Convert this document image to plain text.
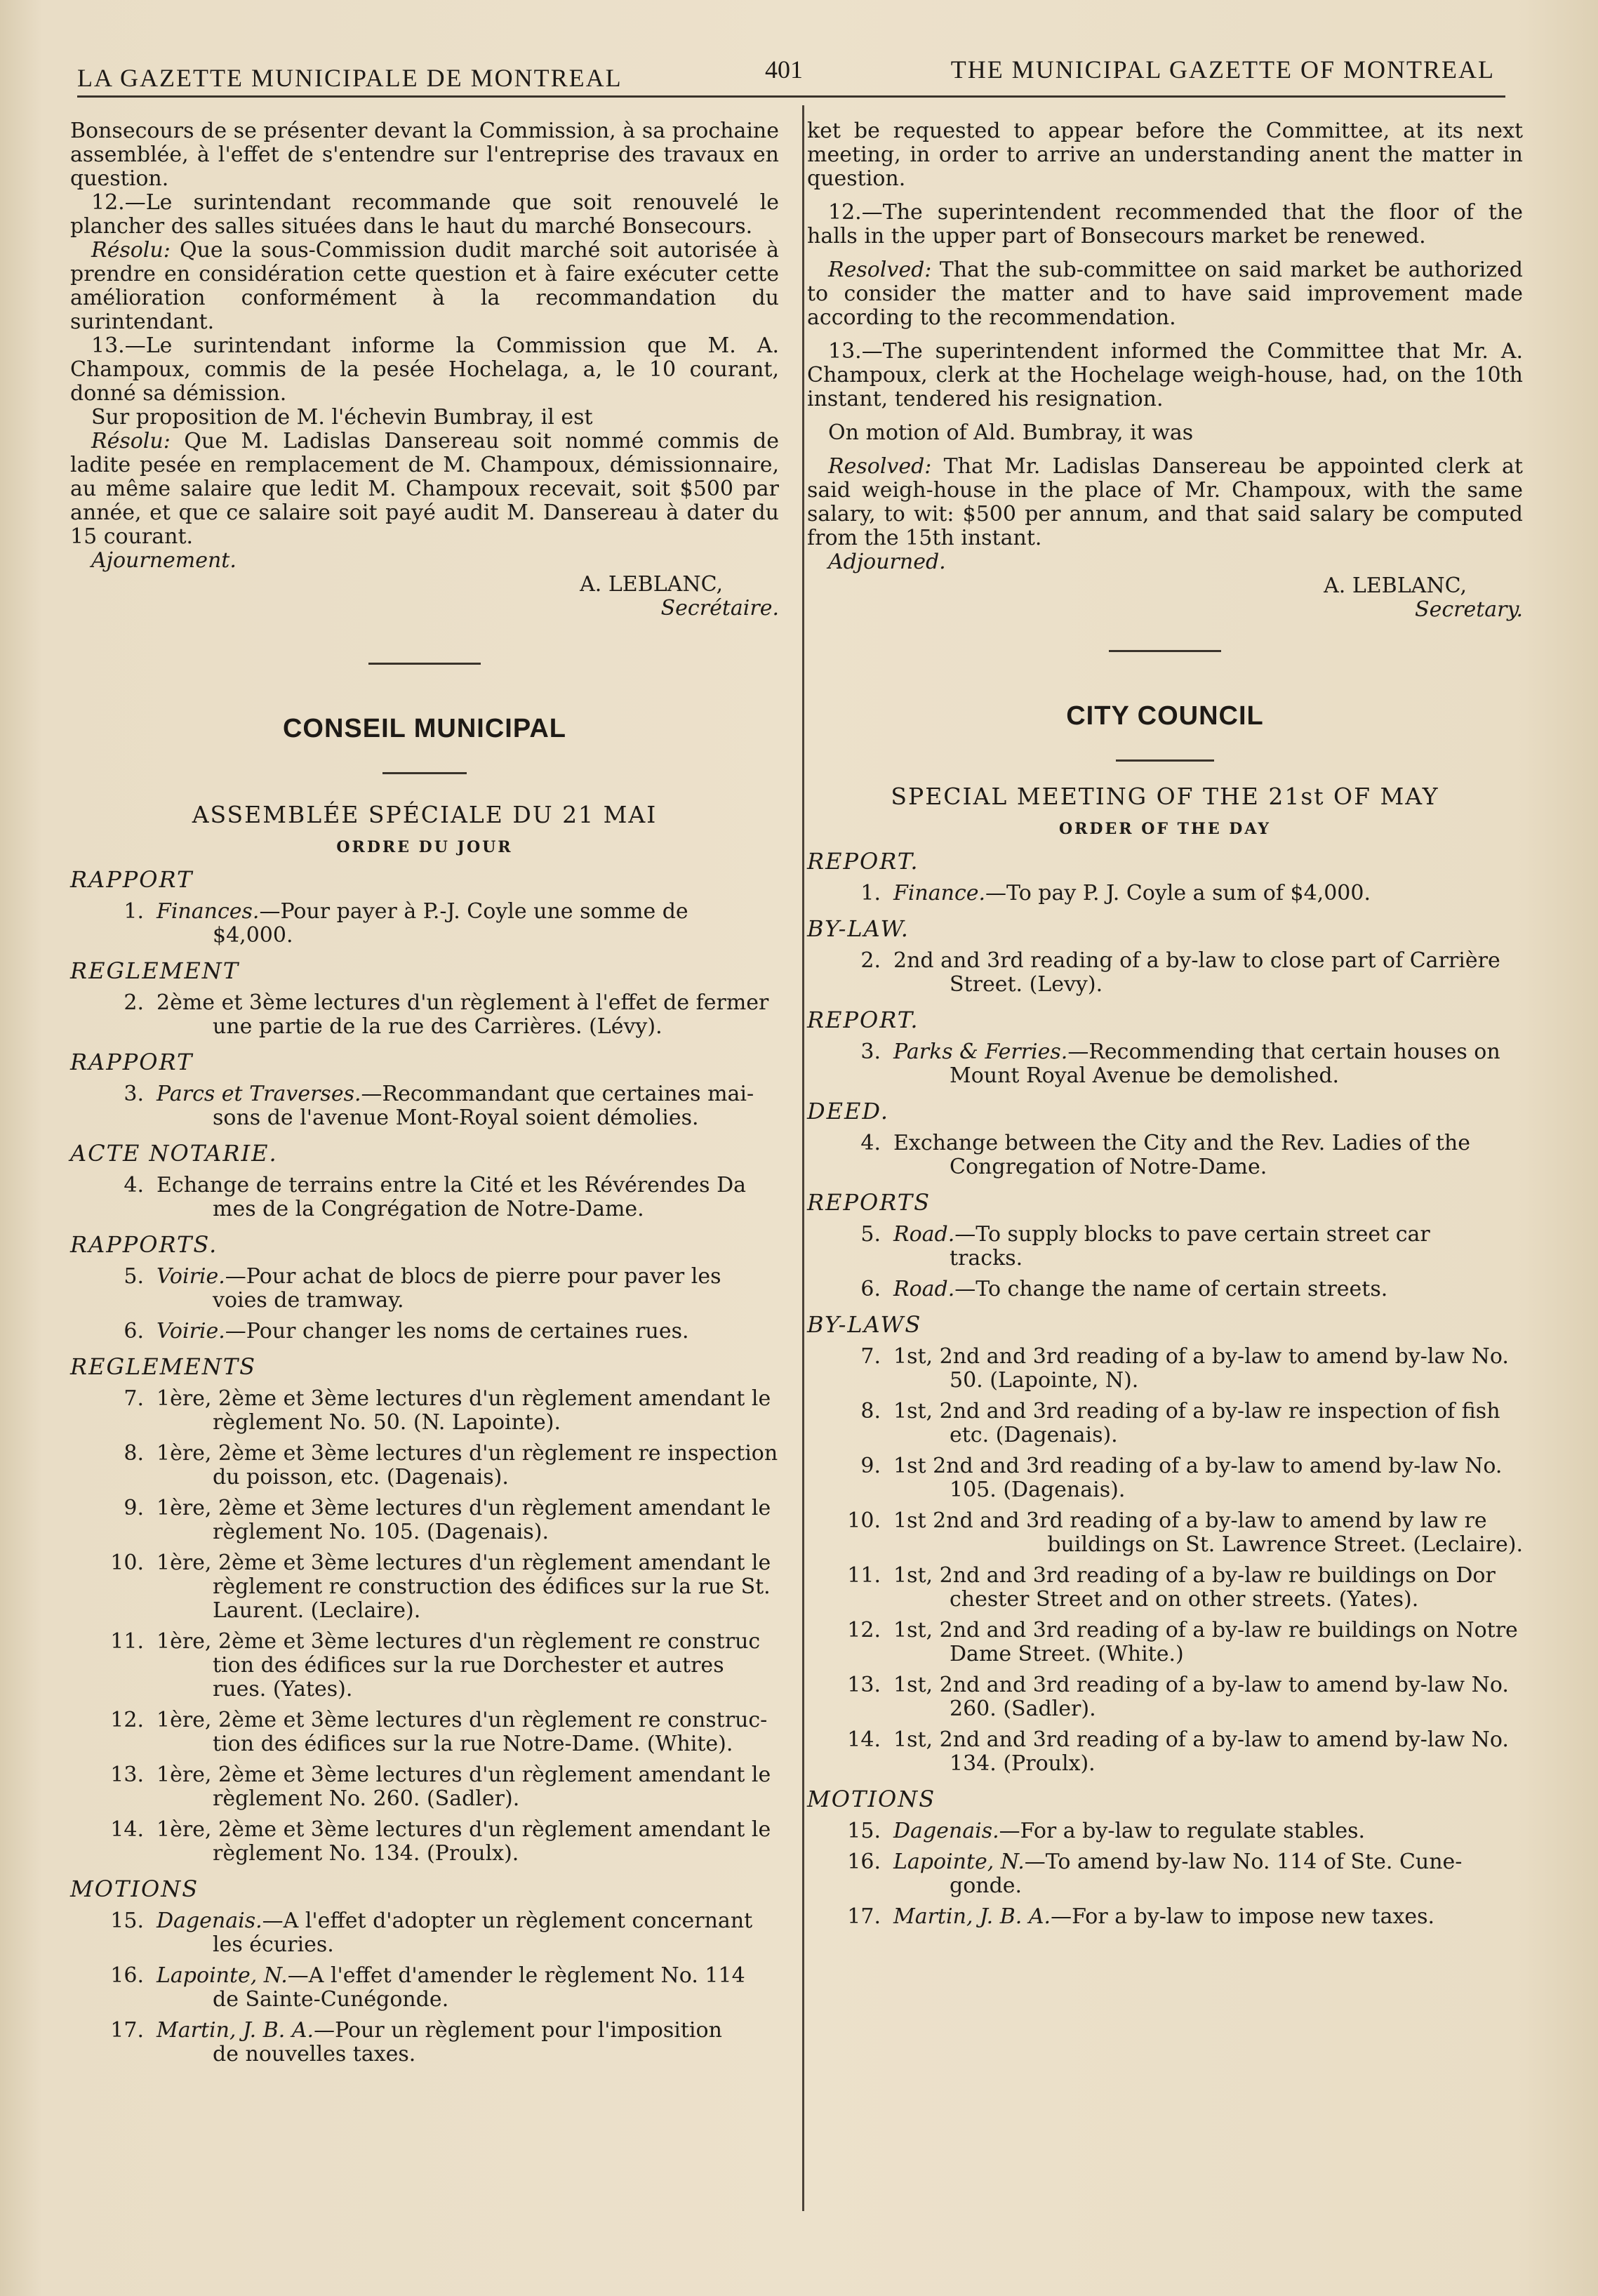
LA GAZETTE MUNICIPALE DE MONTREAL	401	THE MUNICIPAL GAZETTE OF MONTREAL

Bonsecours de se présenter devant la Commission, à sa prochaine assemblée, à l'effet de s'entendre sur l'entreprise des travaux en question.

12.—Le surintendant recommande que soit renouvelé le plancher des salles situées dans le haut du marché Bonsecours.

Résolu: Que la sous-Commission dudit marché soit autorisée à prendre en considération cette question et à faire exécuter cette amélioration conformément à la recommandation du surintendant.

13.—Le surintendant informe la Commission que M. A. Champoux, commis de la pesée Hochelaga, a, le 10 courant, donné sa démission.

Sur proposition de M. l'échevin Bumbray, il est

Résolu: Que M. Ladislas Dansereau soit nommé commis de ladite pesée en remplacement de M. Champoux, démissionnaire, au même salaire que ledit M. Champoux recevait, soit $500 par année, et que ce salaire soit payé audit M. Dansereau à dater du 15 courant.

Ajournement.

A. LEBLANC,

Secrétaire.

CONSEIL MUNICIPAL

ASSEMBLÉE SPÉCIALE DU 21 MAI

ORDRE DU JOUR

RAPPORT

1. Finances.—Pour payer à P.-J. Coyle une somme de
$4,000.

REGLEMENT

2. 2ème et 3ème lectures d'un règlement à l'effet de fermer
une partie de la rue des Carrières. (Lévy).

RAPPORT

3. Parcs et Traverses.—Recommandant que certaines mai-
sons de l'avenue Mont-Royal soient démolies.

ACTE NOTARIE.

4. Echange de terrains entre la Cité et les Révérendes Da
mes de la Congrégation de Notre-Dame.

RAPPORTS.

5. Voirie.—Pour achat de blocs de pierre pour paver les
voies de tramway.
6. Voirie.—Pour changer les noms de certaines rues.

REGLEMENTS

7. 1ère, 2ème et 3ème lectures d'un règlement amendant le
règlement No. 50. (N. Lapointe).
8. 1ère, 2ème et 3ème lectures d'un règlement re inspection
du poisson, etc. (Dagenais).
9. 1ère, 2ème et 3ème lectures d'un règlement amendant le
règlement No. 105. (Dagenais).
10. 1ère, 2ème et 3ème lectures d'un règlement amendant le

règlement re construction des édifices sur la rue St. Laurent. (Leclaire).
11. 1ère, 2ème et 3ème lectures d'un règlement re construc

tion des édifices sur la rue Dorchester et autres rues. (Yates).
12. 1ère, 2ème et 3ème lectures d'un règlement re construc-
tion des édifices sur la rue Notre-Dame. (White).
13. 1ère, 2ème et 3ème lectures d'un règlement amendant le
règlement No. 260. (Sadler).
14. 1ère, 2ème et 3ème lectures d'un règlement amendant le
règlement No. 134. (Proulx).

MOTIONS

15. Dagenais.—A l'effet d'adopter un règlement concernant
les écuries.
16. Lapointe, N.—A l'effet d'amender le règlement No. 114
de Sainte-Cunégonde.
17. Martin, J. B. A.—Pour un règlement pour l'imposition
de nouvelles taxes.

ket be requested to appear before the Committee, at its next meeting, in order to arrive an understanding anent the matter in question.

12.—The superintendent recommended that the floor of the halls in the upper part of Bonsecours market be renewed.

Resolved: That the sub-committee on said market be authorized to consider the matter and to have said improvement made according to the recommendation.

13.—The superintendent informed the Committee that Mr. A. Champoux, clerk at the Hochelage weigh-house, had, on the 10th instant, tendered his resignation.

On motion of Ald. Bumbray, it was

Resolved: That Mr. Ladislas Dansereau be appointed clerk at said weigh-house in the place of Mr. Champoux, with the same salary, to wit: $500 per annum, and that said salary be computed from the 15th instant.

Adjourned.

A. LEBLANC,

Secretary.

CITY COUNCIL

SPECIAL MEETING OF THE 21st OF MAY

ORDER OF THE DAY

REPORT.

1. Finance.—To pay P. J. Coyle a sum of $4,000.

BY-LAW.

2. 2nd and 3rd reading of a by-law to close part of Carrière
Street. (Levy).

REPORT.

3. Parks & Ferries.—Recommending that certain houses on
Mount Royal Avenue be demolished.

DEED.

4. Exchange between the City and the Rev. Ladies of the
Congregation of Notre-Dame.

REPORTS

5. Road.—To supply blocks to pave certain street car
tracks.
6. Road.—To change the name of certain streets.

BY-LAWS

7. 1st, 2nd and 3rd reading of a by-law to amend by-law No.
50. (Lapointe, N).
8. 1st, 2nd and 3rd reading of a by-law re inspection of fish
etc. (Dagenais).
9. 1st 2nd and 3rd reading of a by-law to amend by-law No.
105. (Dagenais).
10. 1st 2nd and 3rd reading of a by-law to amend by law re

buildings on St. Lawrence Street. (Leclaire).
11. 1st, 2nd and 3rd reading of a by-law re buildings on Dor
chester Street and on other streets. (Yates).
12. 1st, 2nd and 3rd reading of a by-law re buildings on Notre
Dame Street. (White.)
13. 1st, 2nd and 3rd reading of a by-law to amend by-law No.
260. (Sadler).
14. 1st, 2nd and 3rd reading of a by-law to amend by-law No.
134. (Proulx).

MOTIONS

15. Dagenais.—For a by-law to regulate stables.
16. Lapointe, N.—To amend by-law No. 114 of Ste. Cune-
gonde.
17. Martin, J. B. A.—For a by-law to impose new taxes.
